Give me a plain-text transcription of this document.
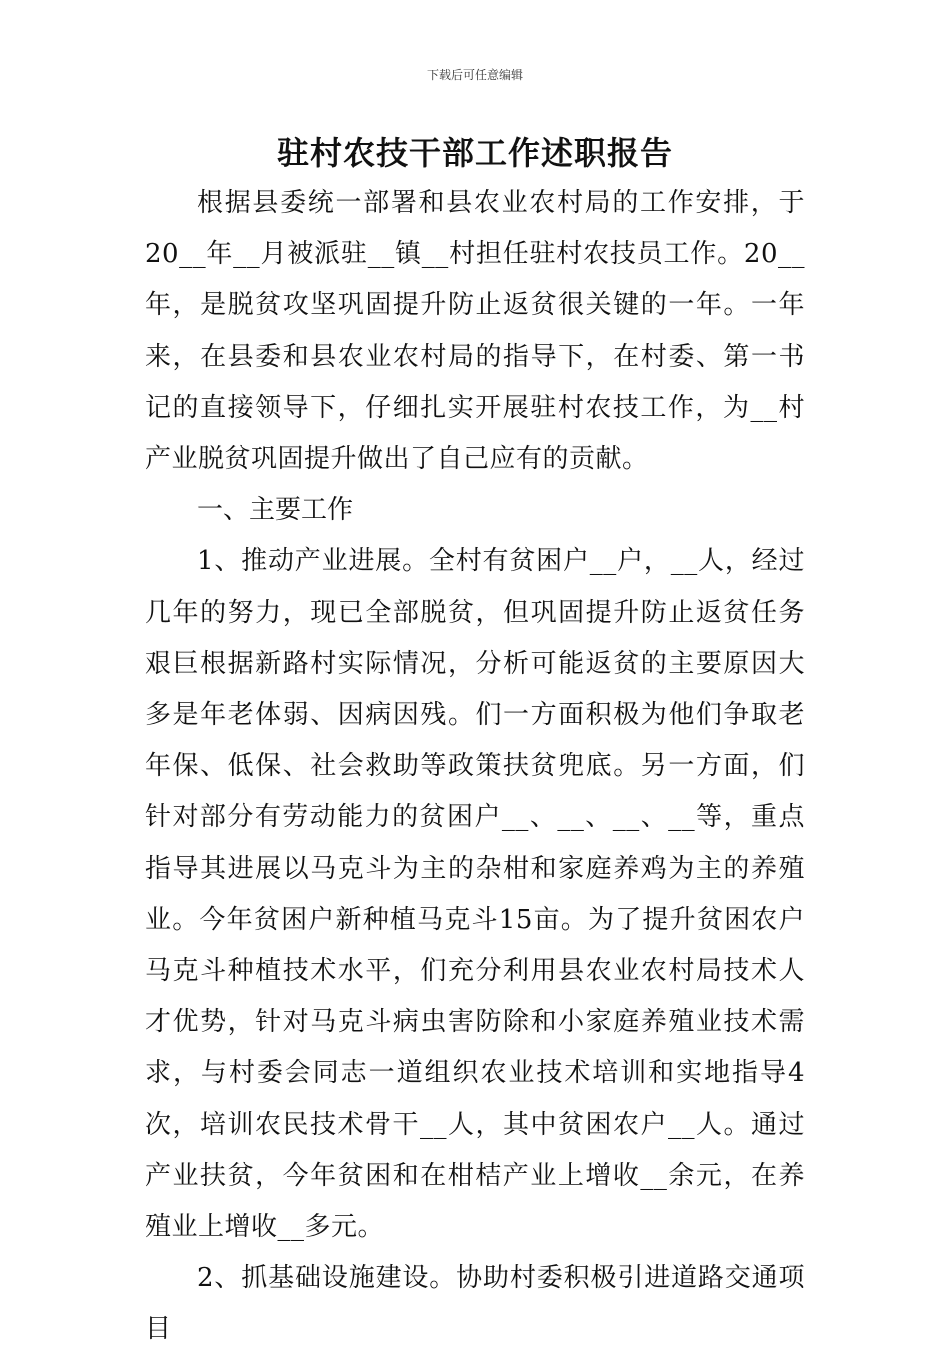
下载后可任意编辑
驻村农技干部工作述职报告

根据县委统一部署和县农业农村局的工作安排，于20__年__月被派驻__镇__村担任驻村农技员工作。20__年，是脱贫攻坚巩固提升防止返贫很关键的一年。一年来，在县委和县农业农村局的指导下，在村委、第一书记的直接领导下，仔细扎实开展驻村农技工作，为__村产业脱贫巩固提升做出了自己应有的贡献。

一、主要工作

1、推动产业进展。全村有贫困户__户，__人，经过几年的努力，现已全部脱贫，但巩固提升防止返贫任务艰巨根据新路村实际情况，分析可能返贫的主要原因大多是年老体弱、因病因残。们一方面积极为他们争取老年保、低保、社会救助等政策扶贫兜底。另一方面，们针对部分有劳动能力的贫困户__、__、__、__等，重点指导其进展以马克斗为主的杂柑和家庭养鸡为主的养殖业。今年贫困户新种植马克斗15亩。为了提升贫困农户马克斗种植技术水平，们充分利用县农业农村局技术人才优势，针对马克斗病虫害防除和小家庭养殖业技术需求，与村委会同志一道组织农业技术培训和实地指导4次，培训农民技术骨干__人，其中贫困农户__人。通过产业扶贫，今年贫困和在柑桔产业上增收__余元，在养殖业上增收__多元。

2、抓基础设施建设。协助村委积极引进道路交通项目
